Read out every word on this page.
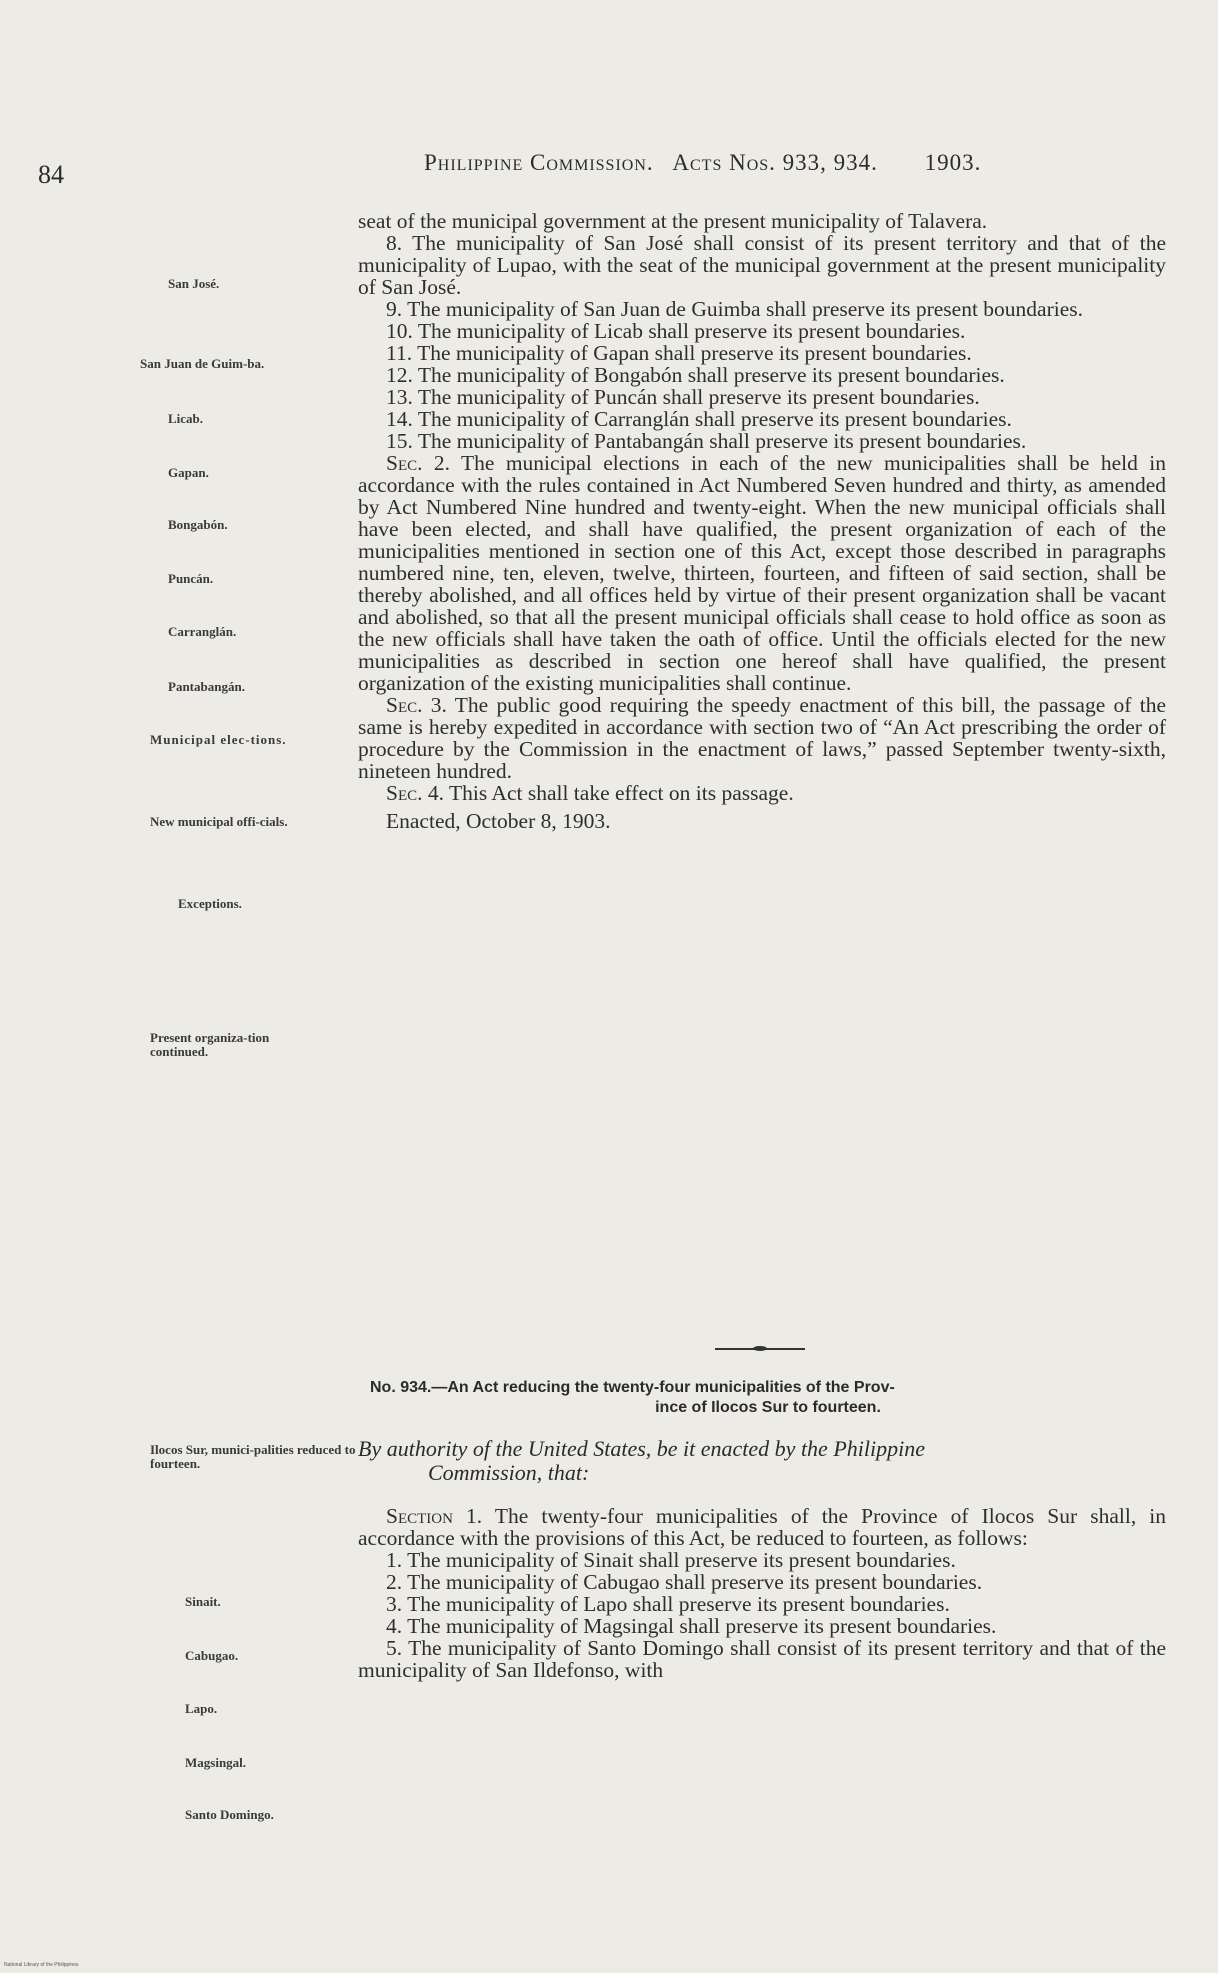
84	Philippine Commission. Acts Nos. 933, 934. 1903.
San José.
San Juan de Guim-ba.
Licab.
Gapan.
Bongabón.
Puncán.
Carranglán.
Pantabangán.
Municipal elec-tions.
New municipal offi-cials.
Exceptions.
Present organiza-tion continued.
Ilocos Sur, munici-palities reduced to fourteen.
Sinait.
Cabugao.
Lapo.
Magsingal.
Santo Domingo.

seat of the municipal government at the present municipality of Talavera.

8. The municipality of San José shall consist of its present territory and that of the municipality of Lupao, with the seat of the municipal government at the present municipality of San José.

9. The municipality of San Juan de Guimba shall preserve its present boundaries.

10. The municipality of Licab shall preserve its present boundaries.

11. The municipality of Gapan shall preserve its present boundaries.

12. The municipality of Bongabón shall preserve its present boundaries.

13. The municipality of Puncán shall preserve its present boundaries.

14. The municipality of Carranglán shall preserve its present boundaries.

15. The municipality of Pantabangán shall preserve its present boundaries.

Sec. 2. The municipal elections in each of the new municipalities shall be held in accordance with the rules contained in Act Numbered Seven hundred and thirty, as amended by Act Numbered Nine hundred and twenty-eight. When the new municipal officials shall have been elected, and shall have qualified, the present organization of each of the municipalities mentioned in section one of this Act, except those described in paragraphs numbered nine, ten, eleven, twelve, thirteen, fourteen, and fifteen of said section, shall be thereby abolished, and all offices held by virtue of their present organization shall be vacant and abolished, so that all the present municipal officials shall cease to hold office as soon as the new officials shall have taken the oath of office. Until the officials elected for the new municipalities as described in section one hereof shall have qualified, the present organization of the existing municipalities shall continue.

Sec. 3. The public good requiring the speedy enactment of this bill, the passage of the same is hereby expedited in accordance with section two of “An Act prescribing the order of procedure by the Commission in the enactment of laws,” passed September twenty-sixth, nineteen hundred.

Sec. 4. This Act shall take effect on its passage.

Enacted, October 8, 1903.

No. 934.—An Act reducing the twenty-four municipalities of the Prov-
ince of Ilocos Sur to fourteen.
By authority of the United States, be it enacted by the Philippine
Commission, that:

Section 1. The twenty-four municipalities of the Province of Ilocos Sur shall, in accordance with the provisions of this Act, be reduced to fourteen, as follows:

1. The municipality of Sinait shall preserve its present boundaries.

2. The municipality of Cabugao shall preserve its present boundaries.

3. The municipality of Lapo shall preserve its present boundaries.

4. The municipality of Magsingal shall preserve its present boundaries.

5. The municipality of Santo Domingo shall consist of its present territory and that of the municipality of San Ildefonso, with

National Library of the Philippines
